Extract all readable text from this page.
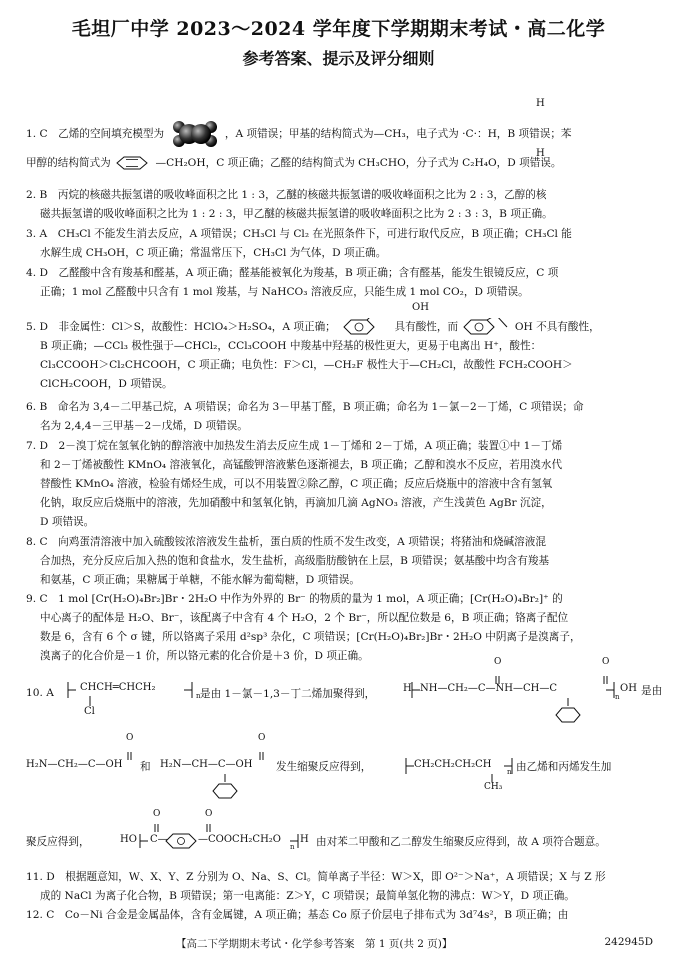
毛坦厂中学 2023～2024 学年度下学期期末考试・高二化学
参考答案、提示及评分细则
H
H
1. C　乙烯的空间填充模型为	，A 项错误；甲基的结构简式为—CH₃，电子式为 ·C·：H，B 项错误；苯
甲醇的结构简式为	—CH₂OH，C 项正确；乙醛的结构简式为 CH₃CHO，分子式为 C₂H₄O，D 项错误。
2. B　丙烷的核磁共振氢谱的吸收峰面积之比 1 : 3，乙醚的核磁共振氢谱的吸收峰面积之比为 2 : 3，乙醇的核
磁共振氢谱的吸收峰面积之比为 1 : 2 : 3，甲乙醚的核磁共振氢谱的吸收峰面积之比为 2 : 3 : 3，B 项正确。
3. A　CH₃Cl 不能发生消去反应，A 项错误；CH₃Cl 与 Cl₂ 在光照条件下，可进行取代反应，B 项正确；CH₃Cl 能
水解生成 CH₃OH，C 项正确；常温常压下，CH₃Cl 为气体，D 项正确。
4. D　乙醛酸中含有羧基和醛基，A 项正确；醛基能被氧化为羧基，B 项正确；含有醛基，能发生银镜反应，C 项
正确；1 mol 乙醛酸中只含有 1 mol 羧基，与 NaHCO₃ 溶液反应，只能生成 1 mol CO₂，D 项错误。
OH
5. D　非金属性：Cl＞S，故酸性：HClO₄＞H₂SO₄，A 项正确；	具有酸性，而	OH 不具有酸性，
B 项正确；—CCl₃ 极性强于—CHCl₂，CCl₃COOH 中羧基中羟基的极性更大，更易于电离出 H⁺，酸性：
Cl₃CCOOH＞Cl₂CHCOOH，C 项正确；电负性：F＞Cl，—CH₂F 极性大于—CH₂Cl，故酸性 FCH₂COOH＞
ClCH₂COOH，D 项错误。
6. B　命名为 3,4－二甲基己烷，A 项错误；命名为 3－甲基丁醛，B 项正确；命名为 1－氯－2－丁烯，C 项错误；命
名为 2,4,4－三甲基－2－戊烯，D 项错误。
7. D　2－溴丁烷在氢氧化钠的醇溶液中加热发生消去反应生成 1－丁烯和 2－丁烯，A 项正确；装置①中 1－丁烯
和 2－丁烯被酸性 KMnO₄ 溶液氧化，高锰酸钾溶液紫色逐渐褪去，B 项正确；乙醇和溴水不反应，若用溴水代
替酸性 KMnO₄ 溶液，检验有烯烃生成，可以不用装置②除乙醇，C 项正确；反应后烧瓶中的溶液中含有氢氧
化钠，取反应后烧瓶中的溶液，先加硝酸中和氢氧化钠，再滴加几滴 AgNO₃ 溶液，产生浅黄色 AgBr 沉淀，
D 项错误。
8. C　向鸡蛋清溶液中加入硫酸铵浓溶液发生盐析，蛋白质的性质不发生改变，A 项错误；将猪油和烧碱溶液混
合加热，充分反应后加入热的饱和食盐水，发生盐析，高级脂肪酸钠在上层，B 项错误；氨基酸中均含有羧基
和氨基，C 项正确；果糖属于单糖，不能水解为葡萄糖，D 项错误。
9. C　1 mol [Cr(H₂O)₄Br₂]Br・2H₂O 中作为外界的 Br⁻ 的物质的量为 1 mol，A 项正确；[Cr(H₂O)₄Br₂]⁺ 的
中心离子的配体是 H₂O、Br⁻，该配离子中含有 4 个 H₂O，2 个 Br⁻，所以配位数是 6，B 项正确；铬离子配位
数是 6，含有 6 个 σ 键，所以铬离子采用 d²sp³ 杂化，C 项错误；[Cr(H₂O)₄Br₂]Br・2H₂O 中阴离子是溴离子，
溴离子的化合价是－1 价，所以铬元素的化合价是＋3 价，D 项正确。
10. A	CHCH═CHCH₂
n
Cl
是由 1－氯－1,3－丁二烯加聚得到，
O	O
H NH—CH₂—C—NH—CH—C
n
OH 是由
O	O
H₂N—CH₂—C—OH 和 H₂N—CH—C—OH 发生缩聚反应得到，	CH₂CH₂CH₂CH
n
CH₃
由乙烯和丙烯发生加
O	O
聚反应得到，	HO C—	—COOCH₂CH₂O
n
H 由对苯二甲酸和乙二醇发生缩聚反应得到，故 A 项符合题意。
11. D　根据题意知，W、X、Y、Z 分别为 O、Na、S、Cl。简单离子半径：W＞X，即 O²⁻＞Na⁺，A 项错误；X 与 Z 形
成的 NaCl 为离子化合物，B 项错误；第一电离能：Z＞Y，C 项错误；最简单氢化物的沸点：W＞Y，D 项正确。
12. C　Co－Ni 合金是金属晶体，含有金属键，A 项正确；基态 Co 原子价层电子排布式为 3d⁷4s²，B 项正确；由
【高二下学期期末考试・化学参考答案　第 1 页(共 2 页)】	242945D
